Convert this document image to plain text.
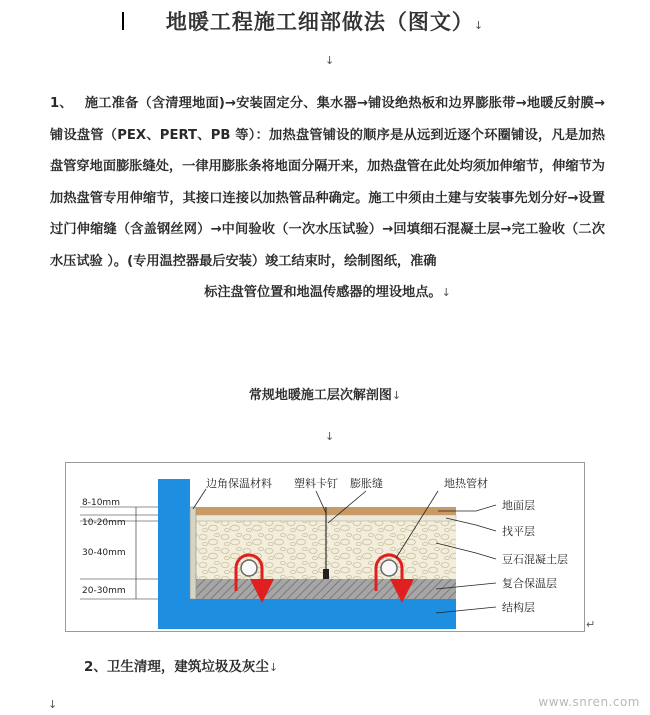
地暖工程施工细部做法（图文）↓
↓
1、 施工准备（含清理地面)→安装固定分、集水器→铺设绝热板和边界膨胀带→地暖反射膜→铺设盘管（PEX、PERT、PB 等）：加热盘管铺设的顺序是从远到近逐个环圈铺设，凡是加热盘管穿地面膨胀缝处，一律用膨胀条将地面分隔开来，加热盘管在此处均须加伸缩节，伸缩节为加热盘管专用伸缩节，其接口连接以加热管品种确定。施工中须由土建与安装事先划分好→设置过门伸缩缝（含盖钢丝网）→中间验收（一次水压试验）→回填细石混凝土层→完工验收（二次水压试验 ）。(专用温控器最后安装）竣工结束时，绘制图纸，准确
标注盘管位置和地温传感器的埋设地点。↓
常规地暖施工层次解剖图↓
↓
边角保温材料 塑料卡钉 膨胀缝	地热管材
8-10mm
10-20mm
30-40mm
20-30mm
地面层
找平层
豆石混凝土层
复合保温层
结构层
↵
2、卫生清理，建筑垃圾及灰尘↓
↓	www.snren.com
